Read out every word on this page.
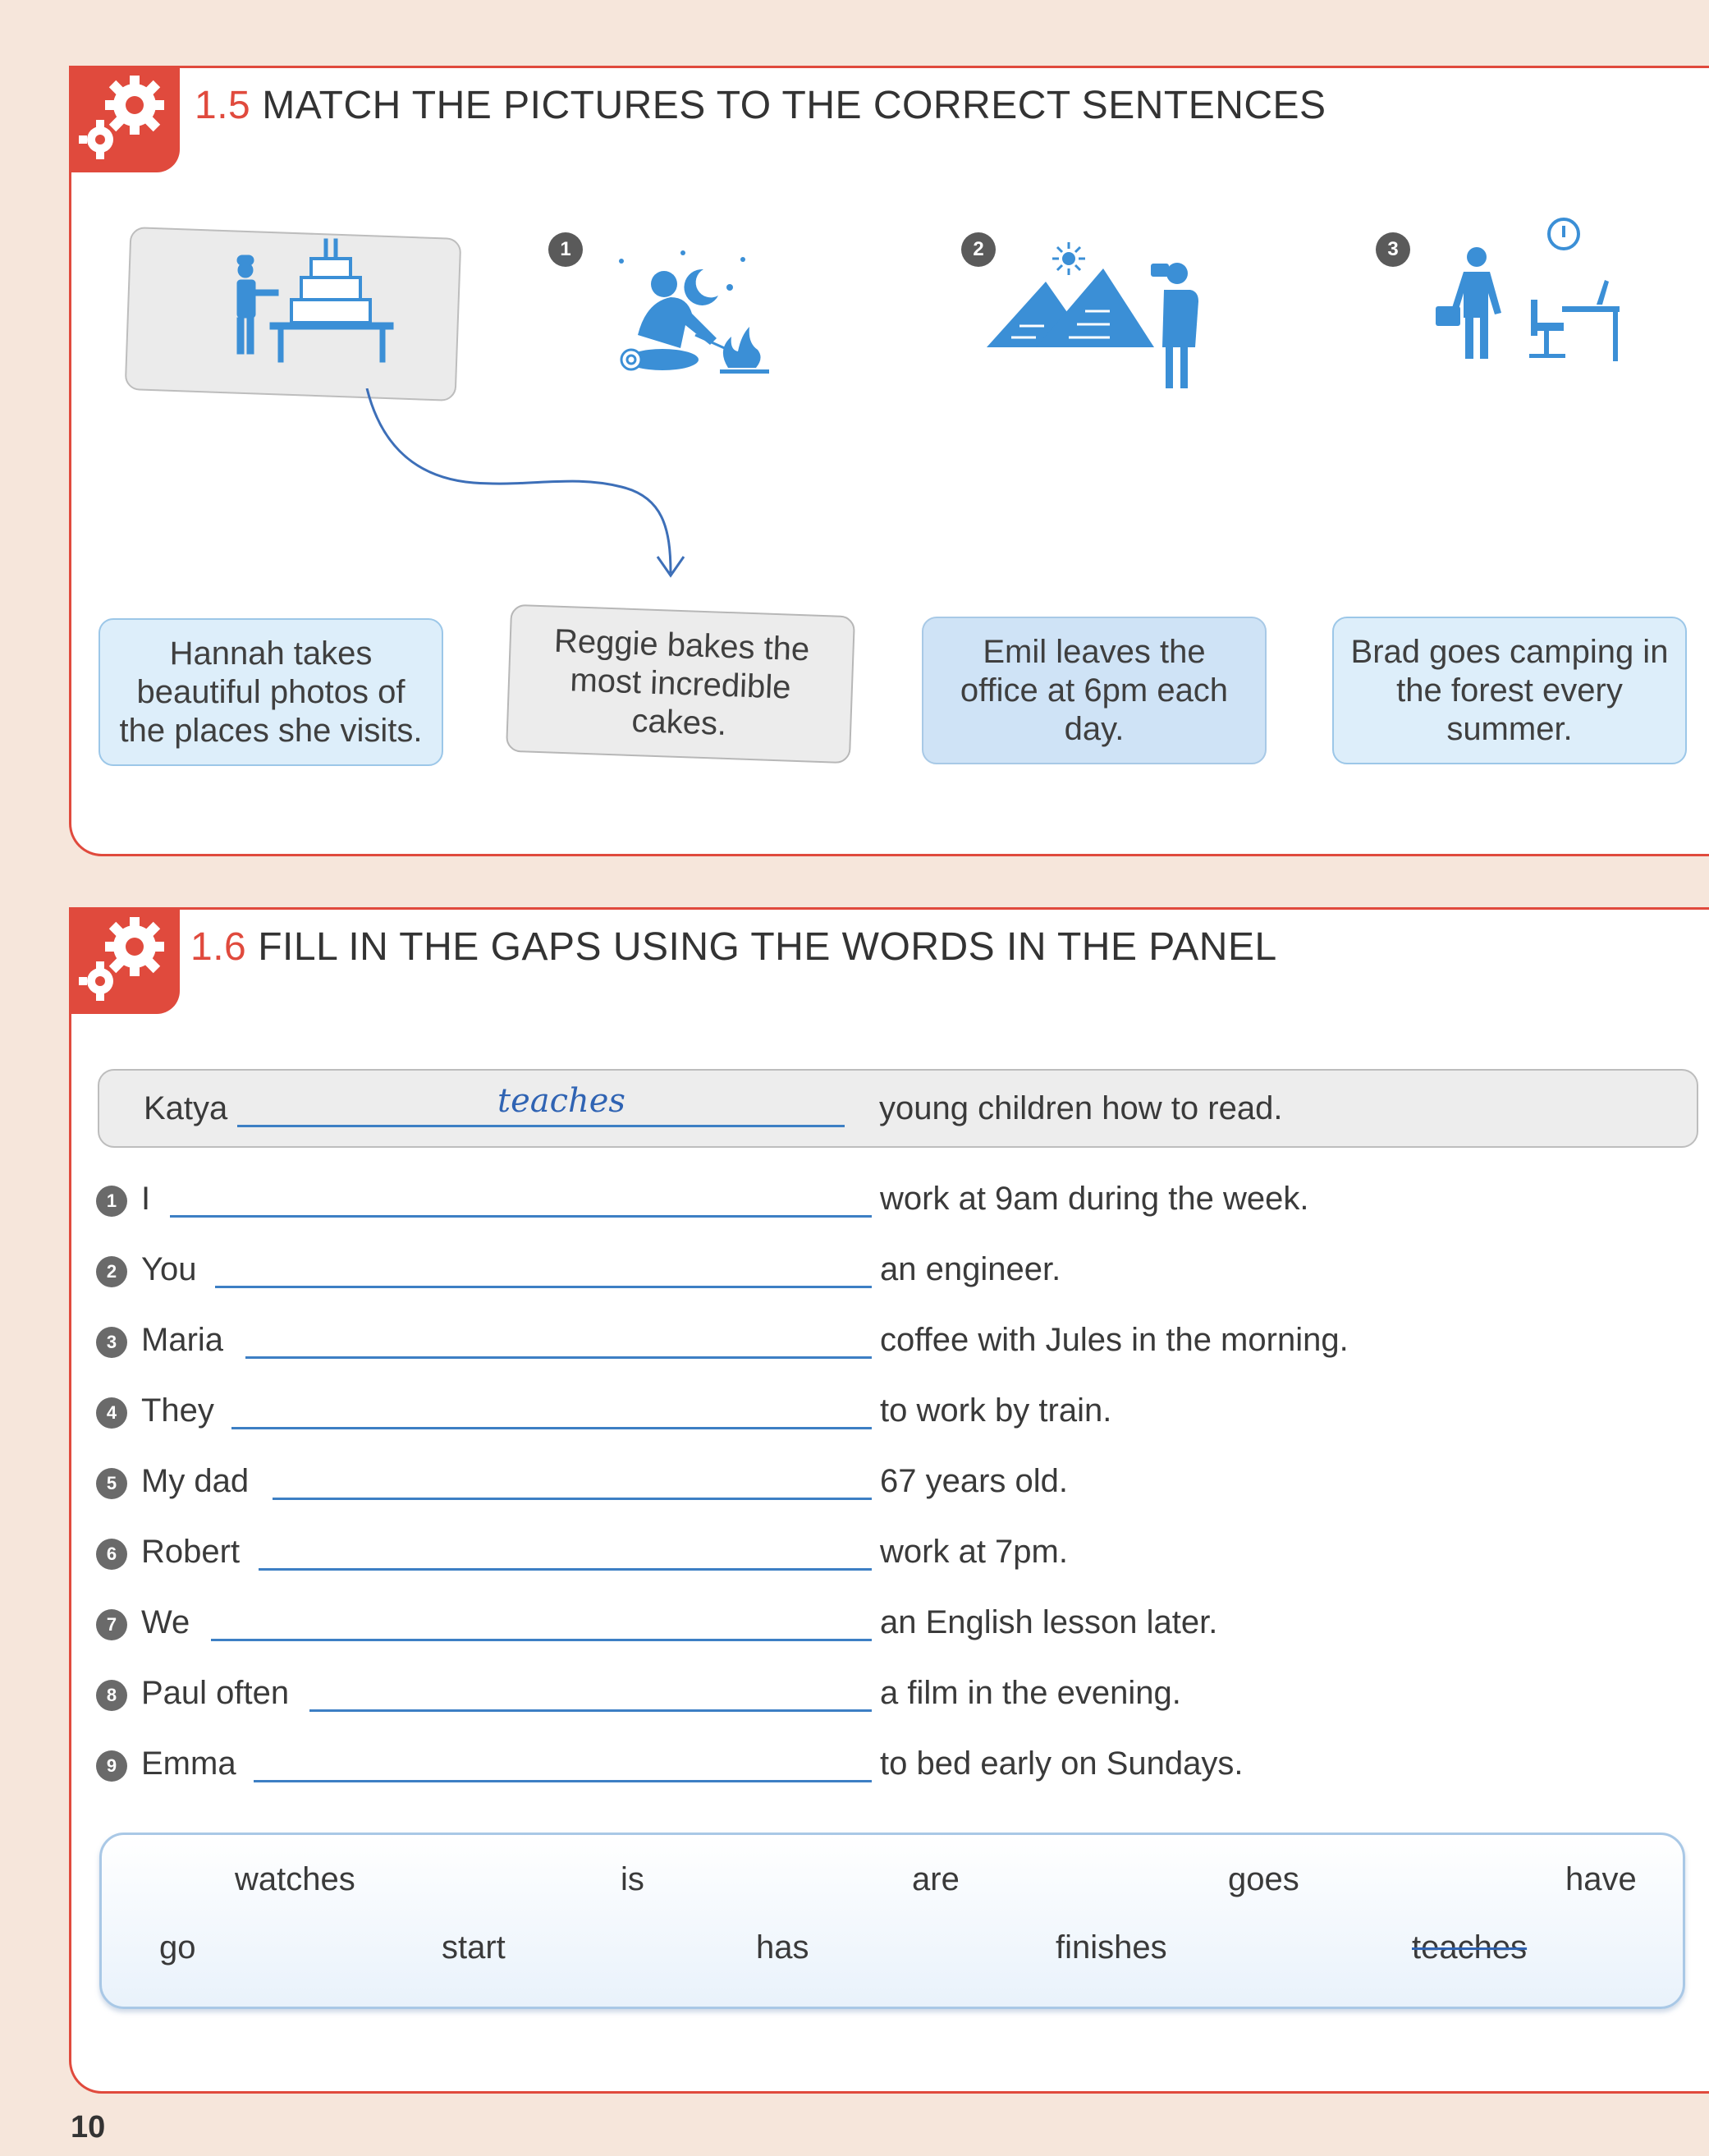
1.5 MATCH THE PICTURES TO THE CORRECT SENTENCES
1	2	3
Hannah takes beautiful photos of the places she visits.
Reggie bakes the most incredible cakes.
Emil leaves the office at 6pm each day.
Brad goes camping in the forest every summer.
1.6 FILL IN THE GAPS USING THE WORDS IN THE PANEL
Katya	teaches	young children how to read.
1 I	work at 9am during the week.
2 You	an engineer.
3 Maria	coffee with Jules in the morning.
4 They	to work by train.
5 My dad	67 years old.
6 Robert	work at 7pm.
7 We	an English lesson later.
8 Paul often	a film in the evening.
9 Emma	to bed early on Sundays.
watches	is	are	goes	have
go	start	has	finishes	teaches
10
